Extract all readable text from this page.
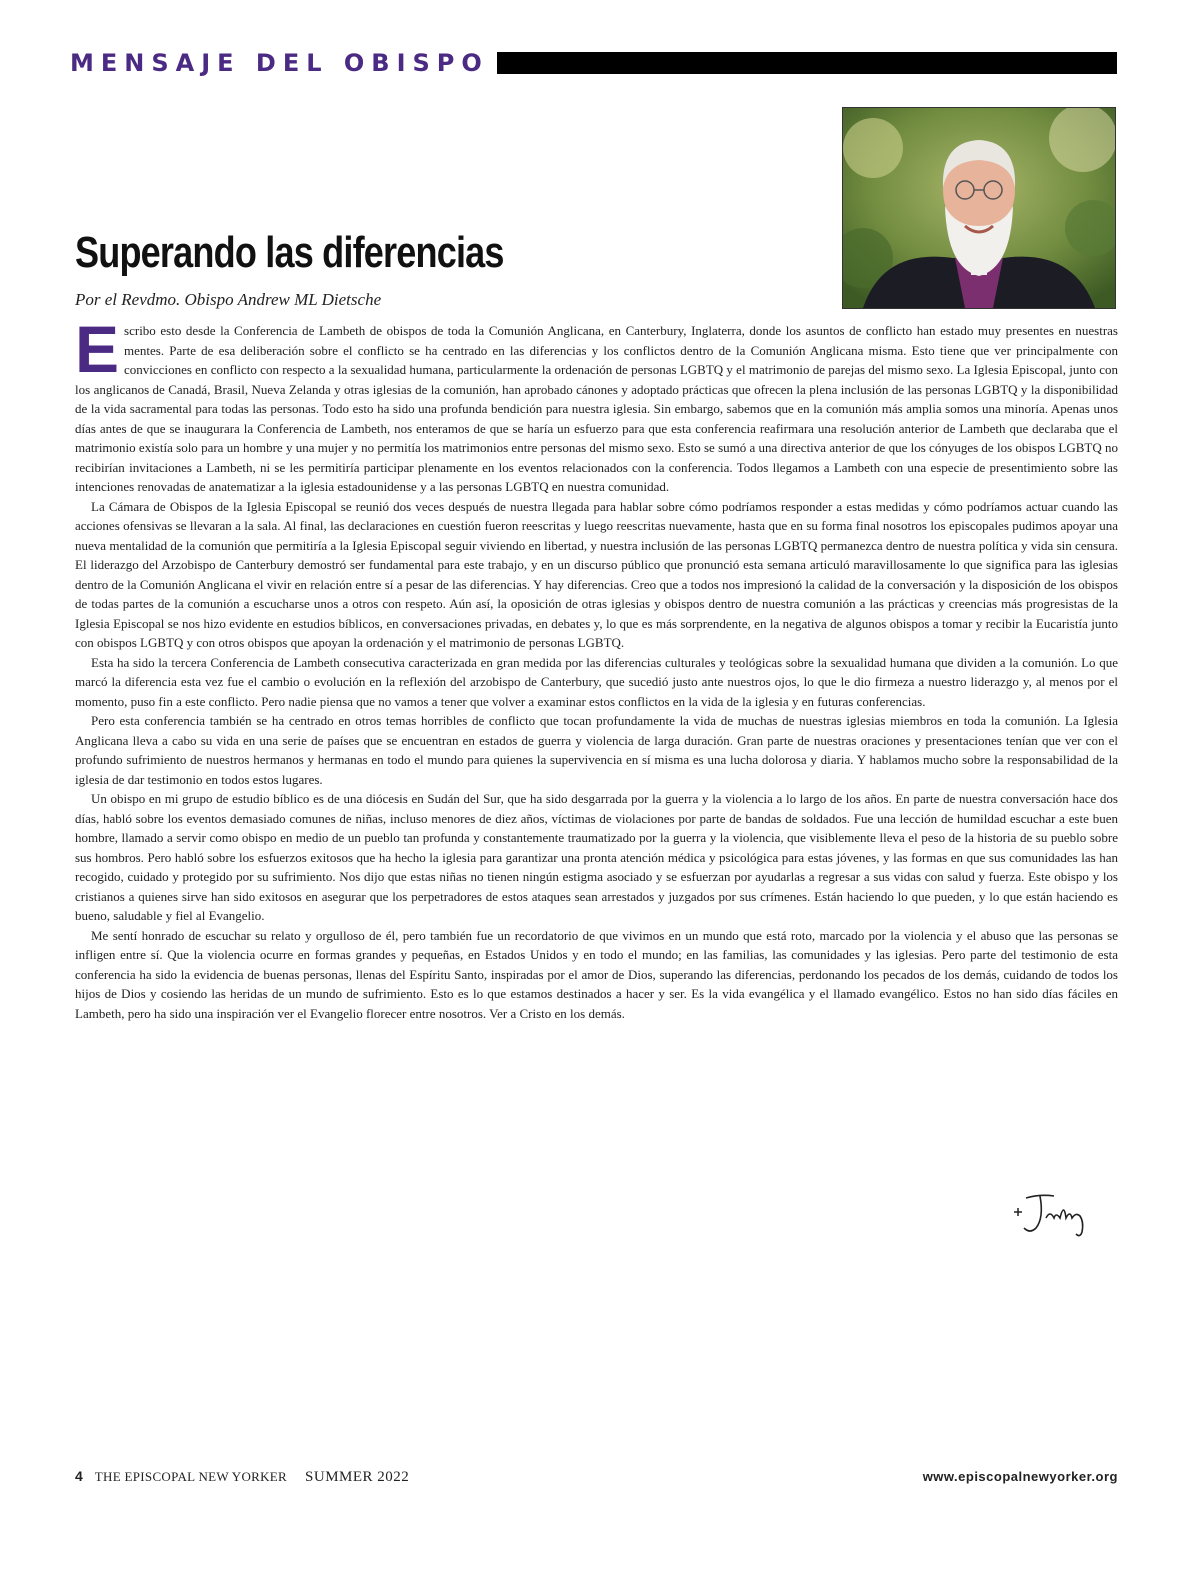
MENSAJE DEL OBISPO
Superando las diferencias
Por el Revdmo. Obispo Andrew ML Dietsche

Escribo esto desde la Conferencia de Lambeth de obispos de toda la Comunión Anglicana, en Canterbury, Inglaterra, donde los asuntos de conflicto han estado muy presentes en nuestras mentes. Parte de esa deliberación sobre el conflicto se ha centrado en las diferencias y los conflictos dentro de la Comunión Anglicana misma. Esto tiene que ver principalmente con convicciones en conflicto con respecto a la sexualidad humana, particularmente la ordenación de personas LGBTQ y el matrimonio de parejas del mismo sexo. La Iglesia Episcopal, junto con los anglicanos de Canadá, Brasil, Nueva Zelanda y otras iglesias de la comunión, han aprobado cánones y adoptado prácticas que ofrecen la plena inclusión de las personas LGBTQ y la disponibilidad de la vida sacramental para todas las personas. Todo esto ha sido una profunda bendición para nuestra iglesia. Sin embargo, sabemos que en la comunión más amplia somos una minoría. Apenas unos días antes de que se inaugurara la Conferencia de Lambeth, nos enteramos de que se haría un esfuerzo para que esta conferencia reafirmara una resolución anterior de Lambeth que declaraba que el matrimonio existía solo para un hombre y una mujer y no permitía los matrimonios entre personas del mismo sexo. Esto se sumó a una directiva anterior de que los cónyuges de los obispos LGBTQ no recibirían invitaciones a Lambeth, ni se les permitiría participar plenamente en los eventos relacionados con la conferencia. Todos llegamos a Lambeth con una especie de presentimiento sobre las intenciones renovadas de anatematizar a la iglesia estadounidense y a las personas LGBTQ en nuestra comunidad.

La Cámara de Obispos de la Iglesia Episcopal se reunió dos veces después de nuestra llegada para hablar sobre cómo podríamos responder a estas medidas y cómo podríamos actuar cuando las acciones ofensivas se llevaran a la sala. Al final, las declaraciones en cuestión fueron reescritas y luego reescritas nuevamente, hasta que en su forma final nosotros los episcopales pudimos apoyar una nueva mentalidad de la comunión que permitiría a la Iglesia Episcopal seguir viviendo en libertad, y nuestra inclusión de las personas LGBTQ permanezca dentro de nuestra política y vida sin censura. El liderazgo del Arzobispo de Canterbury demostró ser fundamental para este trabajo, y en un discurso público que pronunció esta semana articuló maravillosamente lo que significa para las iglesias dentro de la Comunión Anglicana el vivir en relación entre sí a pesar de las diferencias. Y hay diferencias. Creo que a todos nos impresionó la calidad de la conversación y la disposición de los obispos de todas partes de la comunión a escucharse unos a otros con respeto. Aún así, la oposición de otras iglesias y obispos dentro de nuestra comunión a las prácticas y creencias más progresistas de la Iglesia Episcopal se nos hizo evidente en estudios bíblicos, en conversaciones privadas, en debates y, lo que es más sorprendente, en la negativa de algunos obispos a tomar y recibir la Eucaristía junto con obispos LGBTQ y con otros obispos que apoyan la ordenación y el matrimonio de personas LGBTQ.

Esta ha sido la tercera Conferencia de Lambeth consecutiva caracterizada en gran medida por las diferencias culturales y teológicas sobre la sexualidad humana que dividen a la comunión. Lo que marcó la diferencia esta vez fue el cambio o evolución en la reflexión del arzobispo de Canterbury, que sucedió justo ante nuestros ojos, lo que le dio firmeza a nuestro liderazgo y, al menos por el momento, puso fin a este conflicto. Pero nadie piensa que no vamos a tener que volver a examinar estos conflictos en la vida de la iglesia y en futuras conferencias.

Pero esta conferencia también se ha centrado en otros temas horribles de conflicto que tocan profundamente la vida de muchas de nuestras iglesias miembros en toda la comunión. La Iglesia Anglicana lleva a cabo su vida en una serie de países que se encuentran en estados de guerra y violencia de larga duración. Gran parte de nuestras oraciones y presentaciones tenían que ver con el profundo sufrimiento de nuestros hermanos y hermanas en todo el mundo para quienes la supervivencia en sí misma es una lucha dolorosa y diaria. Y hablamos mucho sobre la responsabilidad de la iglesia de dar testimonio en todos estos lugares.

Un obispo en mi grupo de estudio bíblico es de una diócesis en Sudán del Sur, que ha sido desgarrada por la guerra y la violencia a lo largo de los años. En parte de nuestra conversación hace dos días, habló sobre los eventos demasiado comunes de niñas, incluso menores de diez años, víctimas de violaciones por parte de bandas de soldados. Fue una lección de humildad escuchar a este buen hombre, llamado a servir como obispo en medio de un pueblo tan profunda y constantemente traumatizado por la guerra y la violencia, que visiblemente lleva el peso de la historia de su pueblo sobre sus hombros. Pero habló sobre los esfuerzos exitosos que ha hecho la iglesia para garantizar una pronta atención médica y psicológica para estas jóvenes, y las formas en que sus comunidades las han recogido, cuidado y protegido por su sufrimiento. Nos dijo que estas niñas no tienen ningún estigma asociado y se esfuerzan por ayudarlas a regresar a sus vidas con salud y fuerza. Este obispo y los cristianos a quienes sirve han sido exitosos en asegurar que los perpetradores de estos ataques sean arrestados y juzgados por sus crímenes. Están haciendo lo que pueden, y lo que están haciendo es bueno, saludable y fiel al Evangelio.

Me sentí honrado de escuchar su relato y orgulloso de él, pero también fue un recordatorio de que vivimos en un mundo que está roto, marcado por la violencia y el abuso que las personas se infligen entre sí. Que la violencia ocurre en formas grandes y pequeñas, en Estados Unidos y en todo el mundo; en las familias, las comunidades y las iglesias. Pero parte del testimonio de esta conferencia ha sido la evidencia de buenas personas, llenas del Espíritu Santo, inspiradas por el amor de Dios, superando las diferencias, perdonando los pecados de los demás, cuidando de todos los hijos de Dios y cosiendo las heridas de un mundo de sufrimiento. Esto es lo que estamos destinados a hacer y ser. Es la vida evangélica y el llamado evangélico. Estos no han sido días fáciles en Lambeth, pero ha sido una inspiración ver el Evangelio florecer entre nosotros. Ver a Cristo en los demás.

4 THE EPISCOPAL NEW YORKER SUMMER 2022	www.episcopalnewyorker.org
